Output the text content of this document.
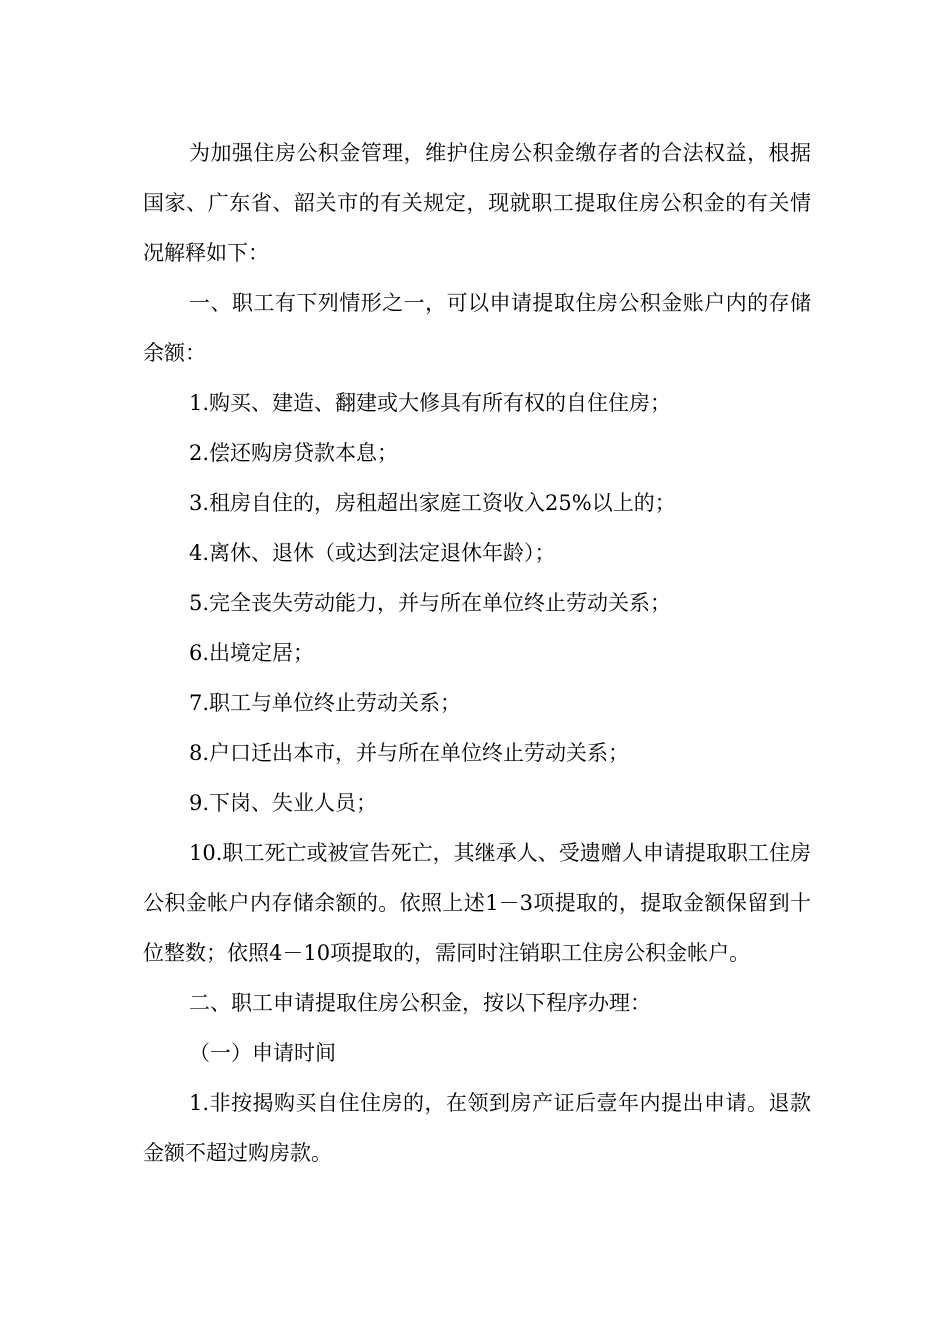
为加强住房公积金管理，维护住房公积金缴存者的合法权益，根据国家、广东省、韶关市的有关规定，现就职工提取住房公积金的有关情况解释如下：

一、职工有下列情形之一，可以申请提取住房公积金账户内的存储余额：

1.购买、建造、翻建或大修具有所有权的自住住房；

2.偿还购房贷款本息；

3.租房自住的，房租超出家庭工资收入25%以上的；

4.离休、退休（或达到法定退休年龄）；

5.完全丧失劳动能力，并与所在单位终止劳动关系；

6.出境定居；

7.职工与单位终止劳动关系；

8.户口迁出本市，并与所在单位终止劳动关系；

9.下岗、失业人员；

10.职工死亡或被宣告死亡，其继承人、受遗赠人申请提取职工住房公积金帐户内存储余额的。依照上述1－3项提取的，提取金额保留到十位整数；依照4－10项提取的，需同时注销职工住房公积金帐户。

二、职工申请提取住房公积金，按以下程序办理：

（一）申请时间

1.非按揭购买自住住房的，在领到房产证后壹年内提出申请。退款金额不超过购房款。
